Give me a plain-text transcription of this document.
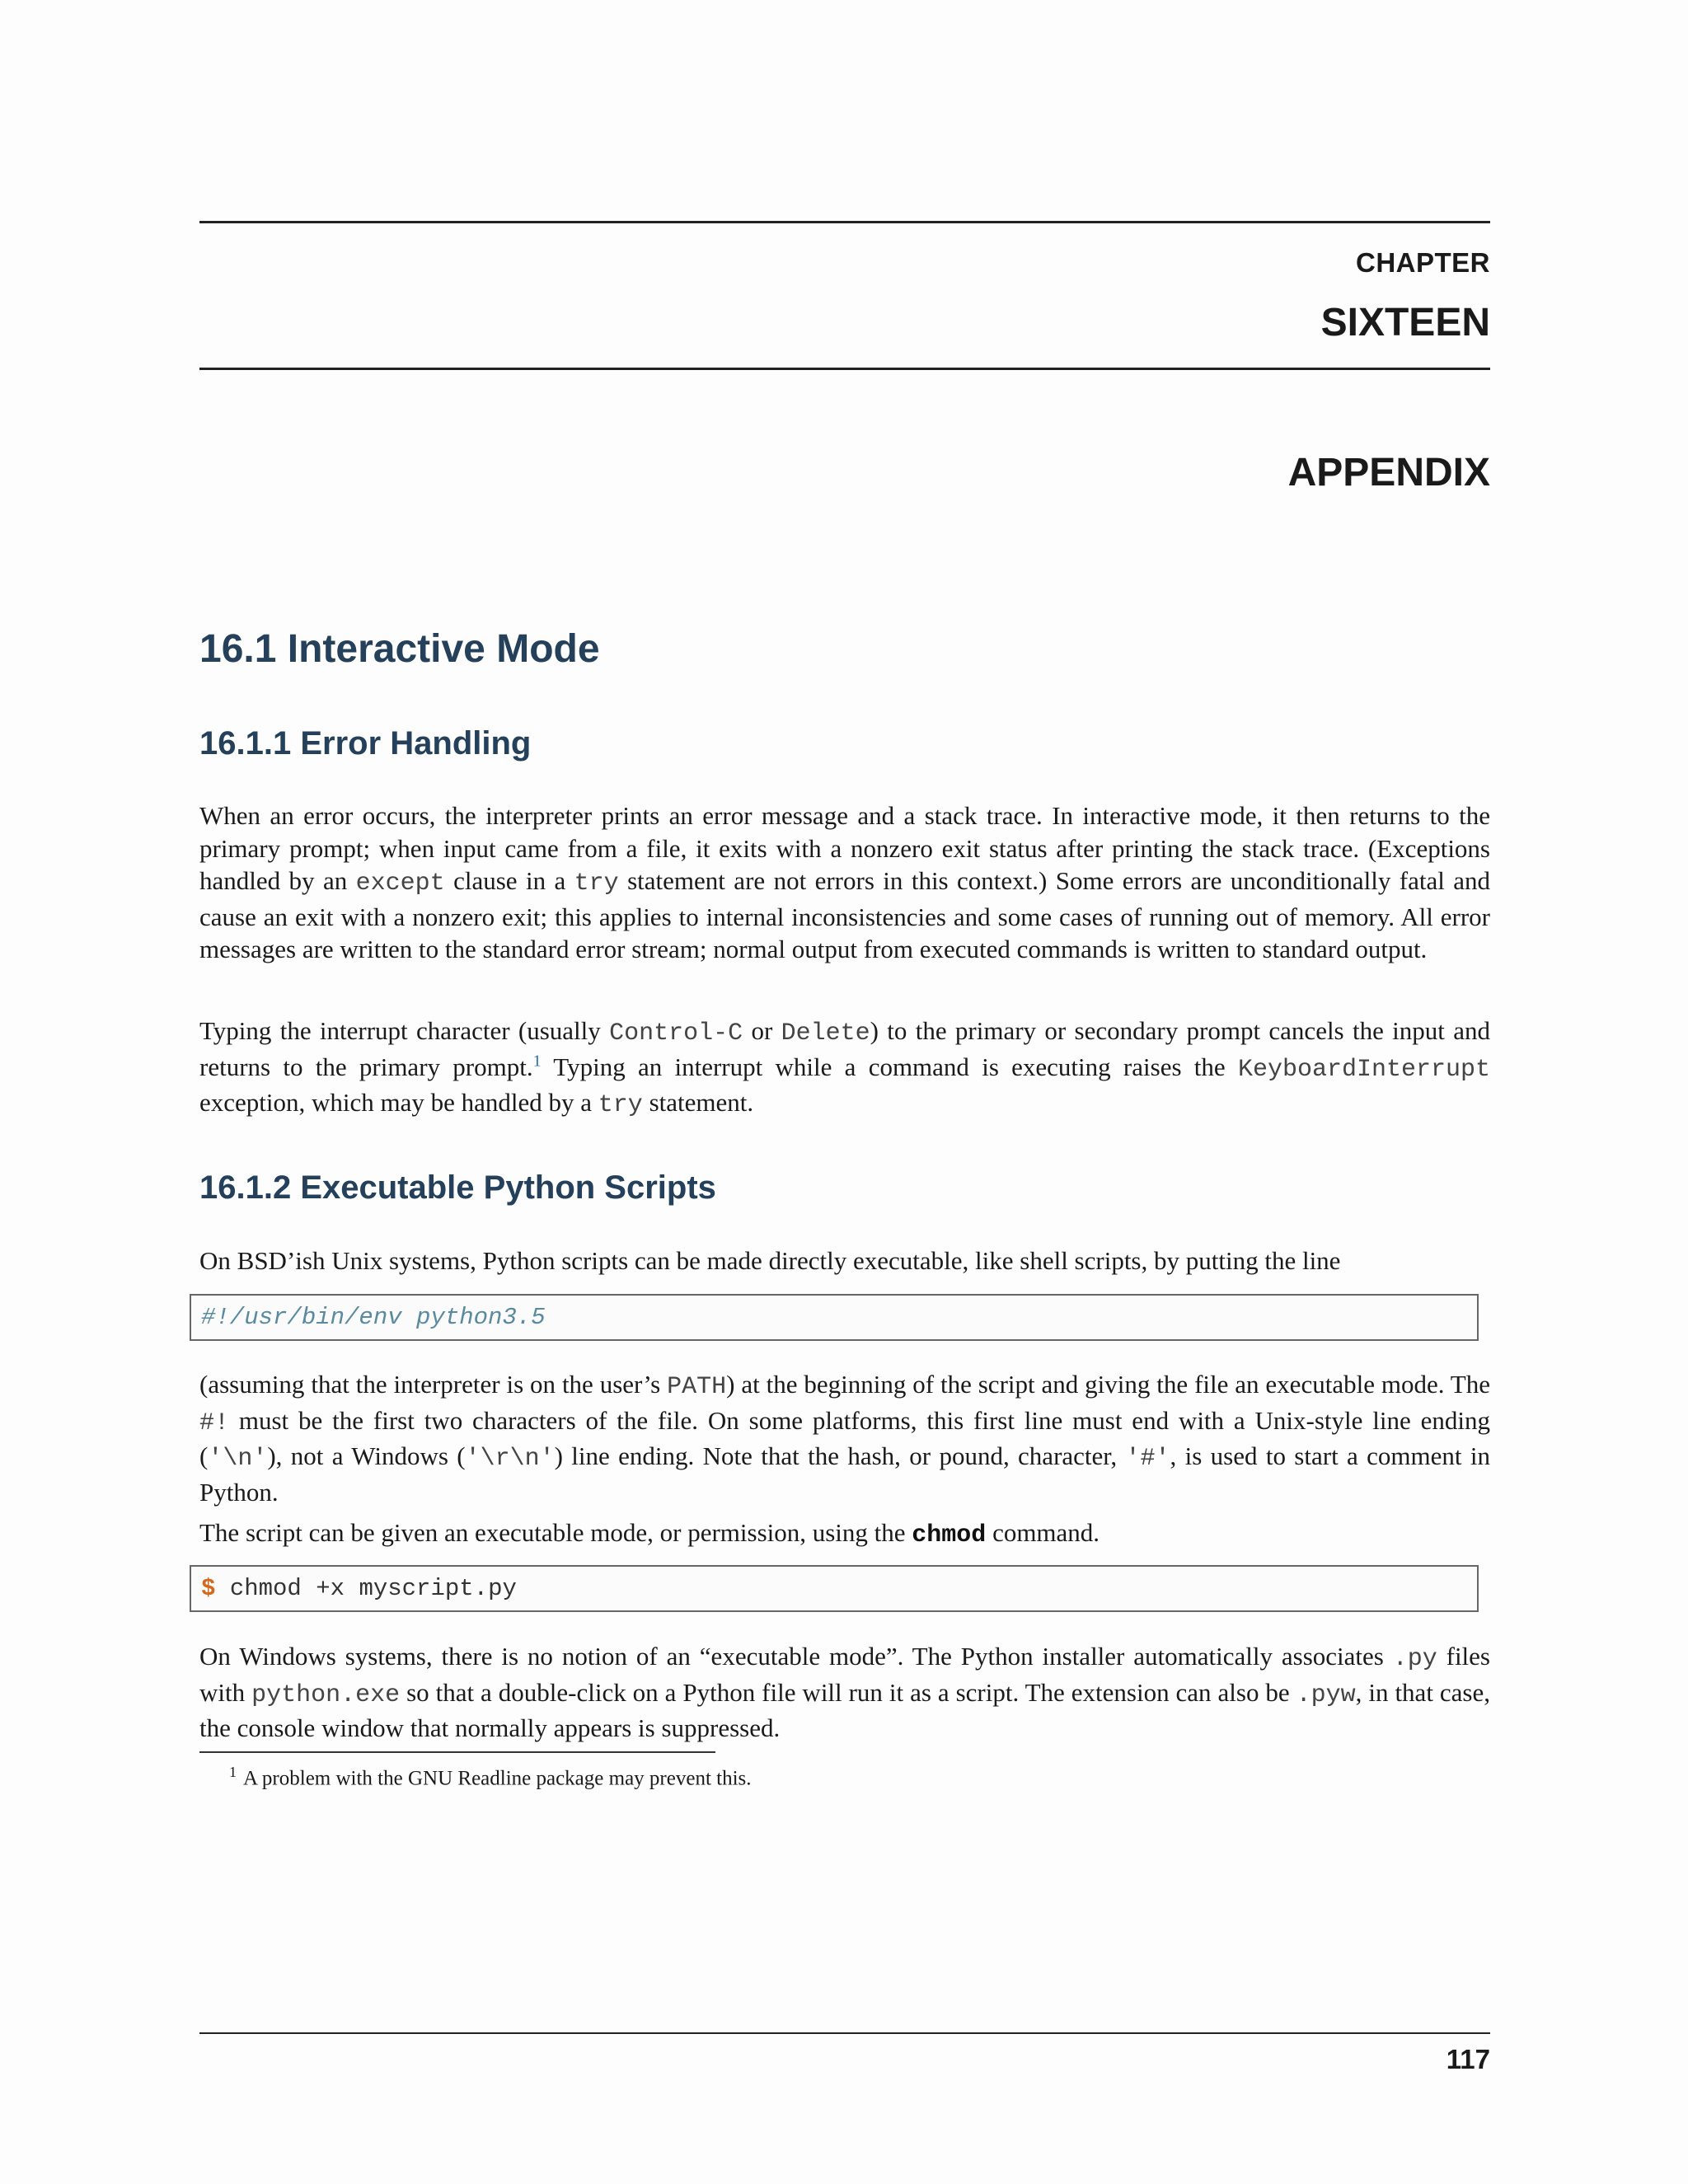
CHAPTER
SIXTEEN
APPENDIX
16.1 Interactive Mode
16.1.1 Error Handling
When an error occurs, the interpreter prints an error message and a stack trace. In interactive mode, it then returns to the primary prompt; when input came from a file, it exits with a nonzero exit status after printing the stack trace. (Exceptions handled by an except clause in a try statement are not errors in this context.) Some errors are unconditionally fatal and cause an exit with a nonzero exit; this applies to internal inconsistencies and some cases of running out of memory. All error messages are written to the standard error stream; normal output from executed commands is written to standard output.
Typing the interrupt character (usually Control-C or Delete) to the primary or secondary prompt cancels the input and returns to the primary prompt.$^1$ Typing an interrupt while a command is executing raises the KeyboardInterrupt exception, which may be handled by a try statement.
16.1.2 Executable Python Scripts
On BSD’ish Unix systems, Python scripts can be made directly executable, like shell scripts, by putting the line
#!/usr/bin/env python3.5
(assuming that the interpreter is on the user’s PATH) at the beginning of the script and giving the file an executable mode. The #! must be the first two characters of the file. On some platforms, this first line must end with a Unix-style line ending ('\n'), not a Windows ('\r\n') line ending. Note that the hash, or pound, character, '#', is used to start a comment in Python.
The script can be given an executable mode, or permission, using the chmod command.
$ chmod +x myscript.py
On Windows systems, there is no notion of an “executable mode”. The Python installer automatically associates .py files with python.exe so that a double-click on a Python file will run it as a script. The extension can also be .pyw, in that case, the console window that normally appears is suppressed.
$^1$ A problem with the GNU Readline package may prevent this.
117
